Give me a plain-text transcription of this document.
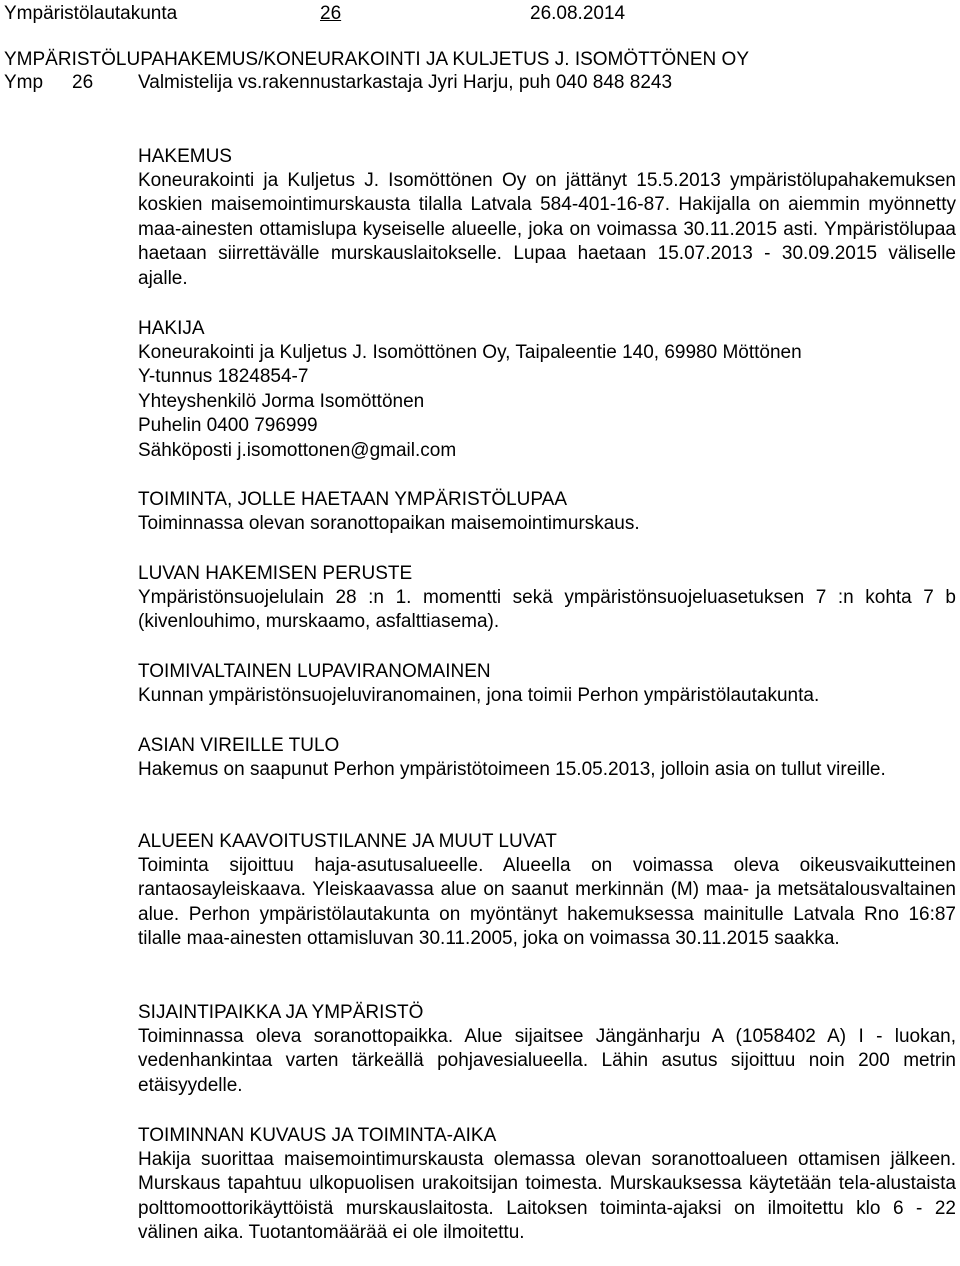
Ympäristölautakunta	26	26.08.2014
YMPÄRISTÖLUPAHAKEMUS/KONEURAKOINTI JA KULJETUS J. ISOMÖTTÖNEN OY
Ymp 26 Valmistelija vs.rakennustarkastaja Jyri Harju, puh 040 848 8243
HAKEMUS
Koneurakointi ja Kuljetus J. Isomöttönen Oy on jättänyt 15.5.2013 ympäristölupahakemuksen koskien maisemointimurskausta tilalla Latvala 584-401-16-87. Hakijalla on aiemmin myönnetty maa-ainesten ottamislupa kyseiselle alueelle, joka on voimassa 30.11.2015 asti. Ympäristölupaa haetaan siirrettävälle murskauslaitokselle. Lupaa haetaan 15.07.2013 - 30.09.2015 väliselle ajalle.
HAKIJA
Koneurakointi ja Kuljetus J. Isomöttönen Oy, Taipaleentie 140, 69980 Möttönen
Y-tunnus 1824854-7
Yhteyshenkilö Jorma Isomöttönen
Puhelin 0400 796999
Sähköposti j.isomottonen@gmail.com
TOIMINTA, JOLLE HAETAAN YMPÄRISTÖLUPAA
Toiminnassa olevan soranottopaikan maisemointimurskaus.
LUVAN HAKEMISEN PERUSTE
Ympäristönsuojelulain 28 :n 1. momentti sekä ympäristönsuojeluasetuksen 7 :n kohta 7 b (kivenlouhimo, murskaamo, asfalttiasema).
TOIMIVALTAINEN LUPAVIRANOMAINEN
Kunnan ympäristönsuojeluviranomainen, jona toimii Perhon ympäristölautakunta.
ASIAN VIREILLE TULO
Hakemus on saapunut Perhon ympäristötoimeen 15.05.2013, jolloin asia on tullut vireille.
ALUEEN KAAVOITUSTILANNE JA MUUT LUVAT
Toiminta sijoittuu haja-asutusalueelle. Alueella on voimassa oleva oikeusvaikutteinen rantaosayleiskaava. Yleiskaavassa alue on saanut merkinnän (M) maa- ja metsätalousvaltainen alue. Perhon ympäristölautakunta on myöntänyt hakemuksessa mainitulle Latvala Rno 16:87 tilalle maa-ainesten ottamisluvan 30.11.2005, joka on voimassa 30.11.2015 saakka.
SIJAINTIPAIKKA JA YMPÄRISTÖ
Toiminnassa oleva soranottopaikka. Alue sijaitsee Jängänharju A (1058402 A) I - luokan, vedenhankintaa varten tärkeällä pohjavesialueella. Lähin asutus sijoittuu noin 200 metrin etäisyydelle.
TOIMINNAN KUVAUS JA TOIMINTA-AIKA
Hakija suorittaa maisemointimurskausta olemassa olevan soranottoalueen ottamisen jälkeen. Murskaus tapahtuu ulkopuolisen urakoitsijan toimesta. Murskauksessa käytetään tela-alustaista polttomoottorikäyttöistä murskauslaitosta. Laitoksen toiminta-ajaksi on ilmoitettu klo 6 - 22 välinen aika. Tuotantomäärää ei ole ilmoitettu.
